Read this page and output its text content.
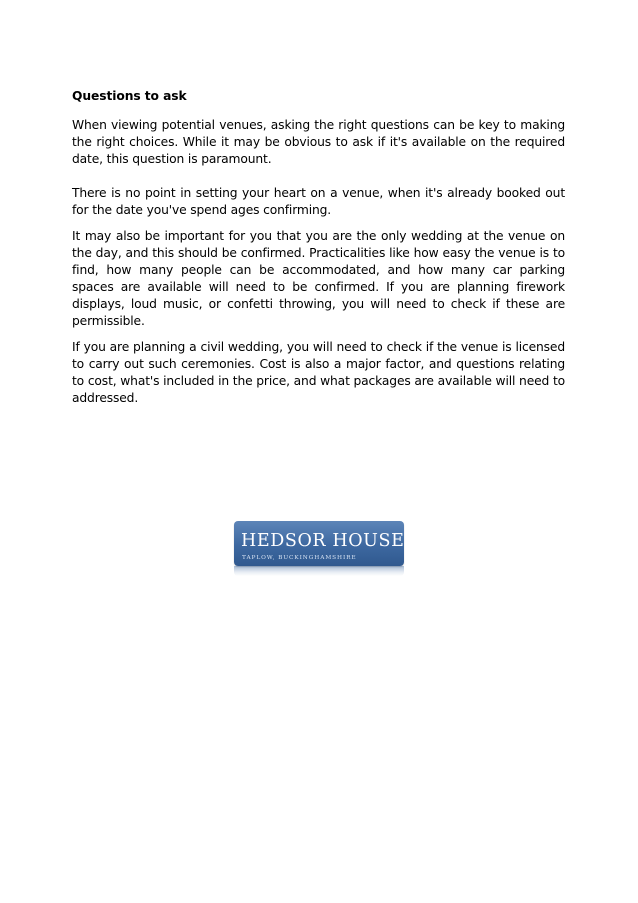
Questions to ask

When viewing potential venues, asking the right questions can be key to making the right choices. While it may be obvious to ask if it's available on the required date, this question is paramount.

There is no point in setting your heart on a venue, when it's already booked out for the date you've spend ages confirming.

It may also be important for you that you are the only wedding at the venue on the day, and this should be confirmed. Practicalities like how easy the venue is to find, how many people can be accommodated, and how many car parking spaces are available will need to be confirmed. If you are planning firework displays, loud music, or confetti throwing, you will need to check if these are permissible.

If you are planning a civil wedding, you will need to check if the venue is licensed to carry out such ceremonies. Cost is also a major factor, and questions relating to cost, what's included in the price, and what packages are available will need to addressed.

HEDSOR HOUSE
TAPLOW, BUCKINGHAMSHIRE
